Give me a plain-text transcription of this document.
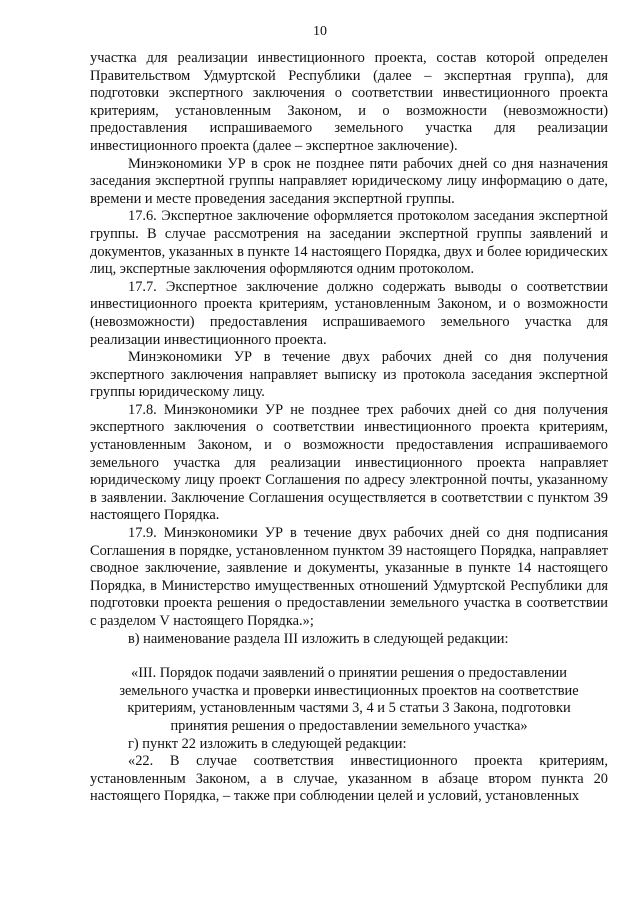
10

участка для реализации инвестиционного проекта, состав которой определен Правительством Удмуртской Республики (далее – экспертная группа), для подготовки экспертного заключения о соответствии инвестиционного проекта критериям, установленным Законом, и о возможности (невозможности) предоставления испрашиваемого земельного участка для реализации инвестиционного проекта (далее – экспертное заключение).

Минэкономики УР в срок не позднее пяти рабочих дней со дня назначения заседания экспертной группы направляет юридическому лицу информацию о дате, времени и месте проведения заседания экспертной группы.

17.6. Экспертное заключение оформляется протоколом заседания экспертной группы. В случае рассмотрения на заседании экспертной группы заявлений и документов, указанных в пункте 14 настоящего Порядка, двух и более юридических лиц, экспертные заключения оформляются одним протоколом.

17.7. Экспертное заключение должно содержать выводы о соответствии инвестиционного проекта критериям, установленным Законом, и о возможности (невозможности) предоставления испрашиваемого земельного участка для реализации инвестиционного проекта.

Минэкономики УР в течение двух рабочих дней со дня получения экспертного заключения направляет выписку из протокола заседания экспертной группы юридическому лицу.

17.8. Минэкономики УР не позднее трех рабочих дней со дня получения экспертного заключения о соответствии инвестиционного проекта критериям, установленным Законом, и о возможности предоставления испрашиваемого земельного участка для реализации инвестиционного проекта направляет юридическому лицу проект Соглашения по адресу электронной почты, указанному в заявлении. Заключение Соглашения осуществляется в соответствии с пунктом 39 настоящего Порядка.

17.9. Минэкономики УР в течение двух рабочих дней со дня подписания Соглашения в порядке, установленном пунктом 39 настоящего Порядка, направляет сводное заключение, заявление и документы, указанные в пункте 14 настоящего Порядка, в Министерство имущественных отношений Удмуртской Республики для подготовки проекта решения о предоставлении земельного участка в соответствии с разделом V настоящего Порядка.»;

в) наименование раздела III изложить в следующей редакции:

«III. Порядок подачи заявлений о принятии решения о предоставлении
земельного участка и проверки инвестиционных проектов на соответствие
критериям, установленным частями 3, 4 и 5 статьи 3 Закона, подготовки
принятия решения о предоставлении земельного участка»

г) пункт 22 изложить в следующей редакции:

«22. В случае соответствия инвестиционного проекта критериям, установленным Законом, а в случае, указанном в абзаце втором пункта 20 настоящего Порядка, – также при соблюдении целей и условий, установленных
